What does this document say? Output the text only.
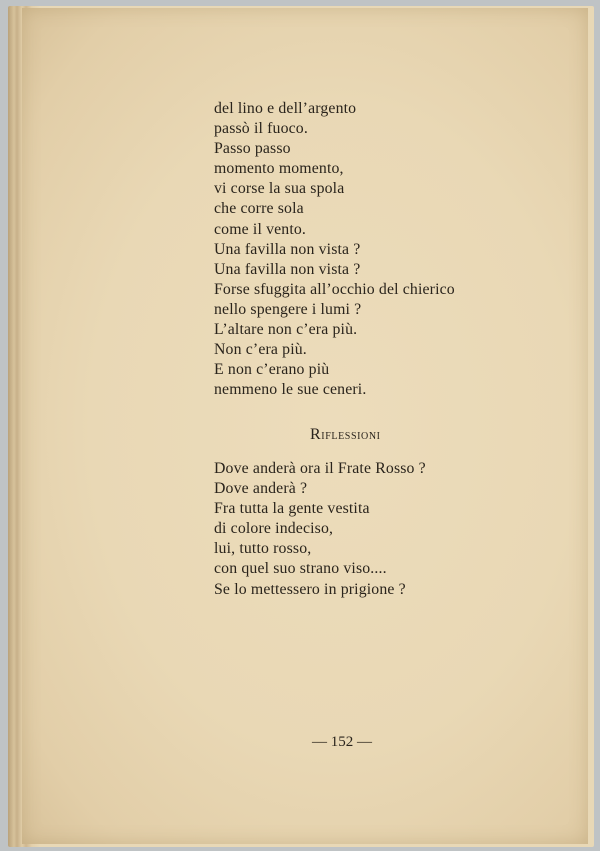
del lino e dell’argento
passò il fuoco.
Passo passo
momento momento,
vi corse la sua spola
che corre sola
come il vento.
Una favilla non vista ?
Una favilla non vista ?
Forse sfuggita all’occhio del chierico
nello spengere i lumi ?
L’altare non c’era più.
Non c’era più.
E non c’erano più
nemmeno le sue ceneri.
Riflessioni
Dove anderà ora il Frate Rosso ?
Dove anderà ?
Fra tutta la gente vestita
di colore indeciso,
lui, tutto rosso,
con quel suo strano viso....
Se lo mettessero in prigione ?
— 152 —
